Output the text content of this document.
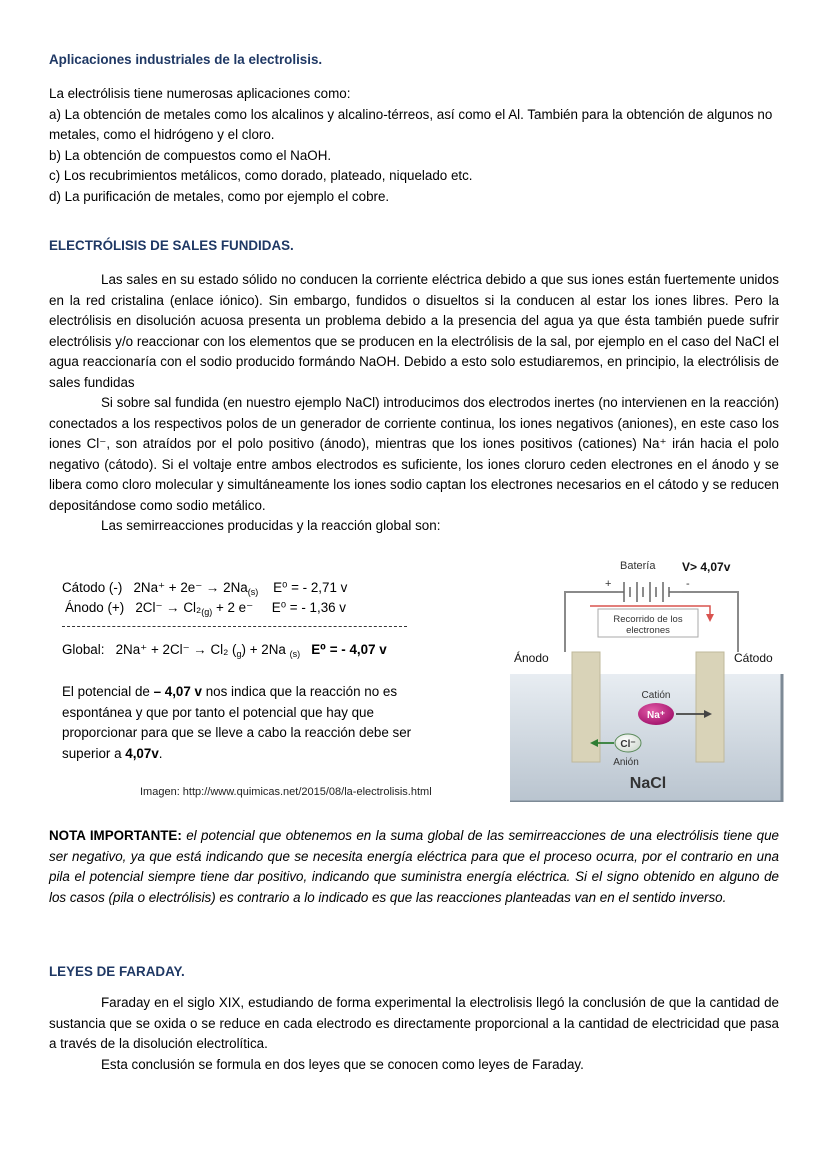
Aplicaciones industriales de la electrolisis.

La electrólisis tiene numerosas aplicaciones como:

a) La obtención de metales como los alcalinos y alcalino-térreos, así como el Al. También para la obtención de algunos no metales, como el hidrógeno y el cloro.

b) La obtención de compuestos como el NaOH.

c) Los recubrimientos metálicos, como dorado, plateado, niquelado etc.

d) La purificación de metales, como por ejemplo el cobre.

ELECTRÓLISIS DE SALES FUNDIDAS.

Las sales en su estado sólido no conducen la corriente eléctrica debido a que sus iones están fuertemente unidos en la red cristalina (enlace iónico). Sin embargo, fundidos o disueltos si la conducen al estar los iones libres. Pero la electrólisis en disolución acuosa presenta un problema debido a la presencia del agua ya que ésta también puede sufrir electrólisis y/o reaccionar con los elementos que se producen en la electrólisis de la sal, por ejemplo en el caso del NaCl el agua reaccionaría con el sodio producido formándo NaOH. Debido a esto solo estudiaremos, en principio, la electrólisis de sales fundidas

Si sobre sal fundida (en nuestro ejemplo NaCl) introducimos dos electrodos inertes (no intervienen en la reacción) conectados a los respectivos polos de un generador de corriente continua, los iones negativos (aniones), en este caso los iones Cl⁻, son atraídos por el polo positivo (ánodo), mientras que los iones positivos (cationes) Na⁺ irán hacia el polo negativo (cátodo). Si el voltaje entre ambos electrodos es suficiente, los iones cloruro ceden electrones en el ánodo y se libera como cloro molecular y simultáneamente los iones sodio captan los electrones necesarios en el cátodo y se reducen depositándose como sodio metálico.

Las semirreacciones producidas y la reacción global son:

Cátodo (-) $2Na^+ + 2e^- \to 2Na_{(s)}$ E⁰ = - 2,71 v
Ánodo (+) $2Cl^- \to Cl_2_{(g)} + 2$ e⁻ E⁰ = - 1,36 v
Global: 2Na⁺ + 2Cl⁻ → Cl₂ $(_g) + 2Na$ $_{(s)}$ E⁰ = - 4,07 v
El potencial de – 4,07 v nos indica que la reacción no es espontánea y que por tanto el potencial que hay que proporcionar para que se lleve a cabo la reacción debe ser superior a 4,07v.
Imagen: http://www.quimicas.net/2015/08/la-electrolisis.html
Batería V> 4,07v
+	-
Recorrido de los
electrones
Ánodo	Cátodo
Catión
Na⁺
Cl⁻
Anión
NaCl
NOTA IMPORTANTE: el potencial que obtenemos en la suma global de las semirreacciones de una electrólisis tiene que ser negativo, ya que está indicando que se necesita energía eléctrica para que el proceso ocurra, por el contrario en una pila el potencial siempre tiene dar positivo, indicando que suministra energía eléctrica. Si el signo obtenido en alguno de los casos (pila o electrólisis) es contrario a lo indicado es que las reacciones planteadas van en el sentido inverso.
LEYES DE FARADAY.

Faraday en el siglo XIX, estudiando de forma experimental la electrolisis llegó la conclusión de que la cantidad de sustancia que se oxida o se reduce en cada electrodo es directamente proporcional a la cantidad de electricidad que pasa a través de la disolución electrolítica.

Esta conclusión se formula en dos leyes que se conocen como leyes de Faraday.
